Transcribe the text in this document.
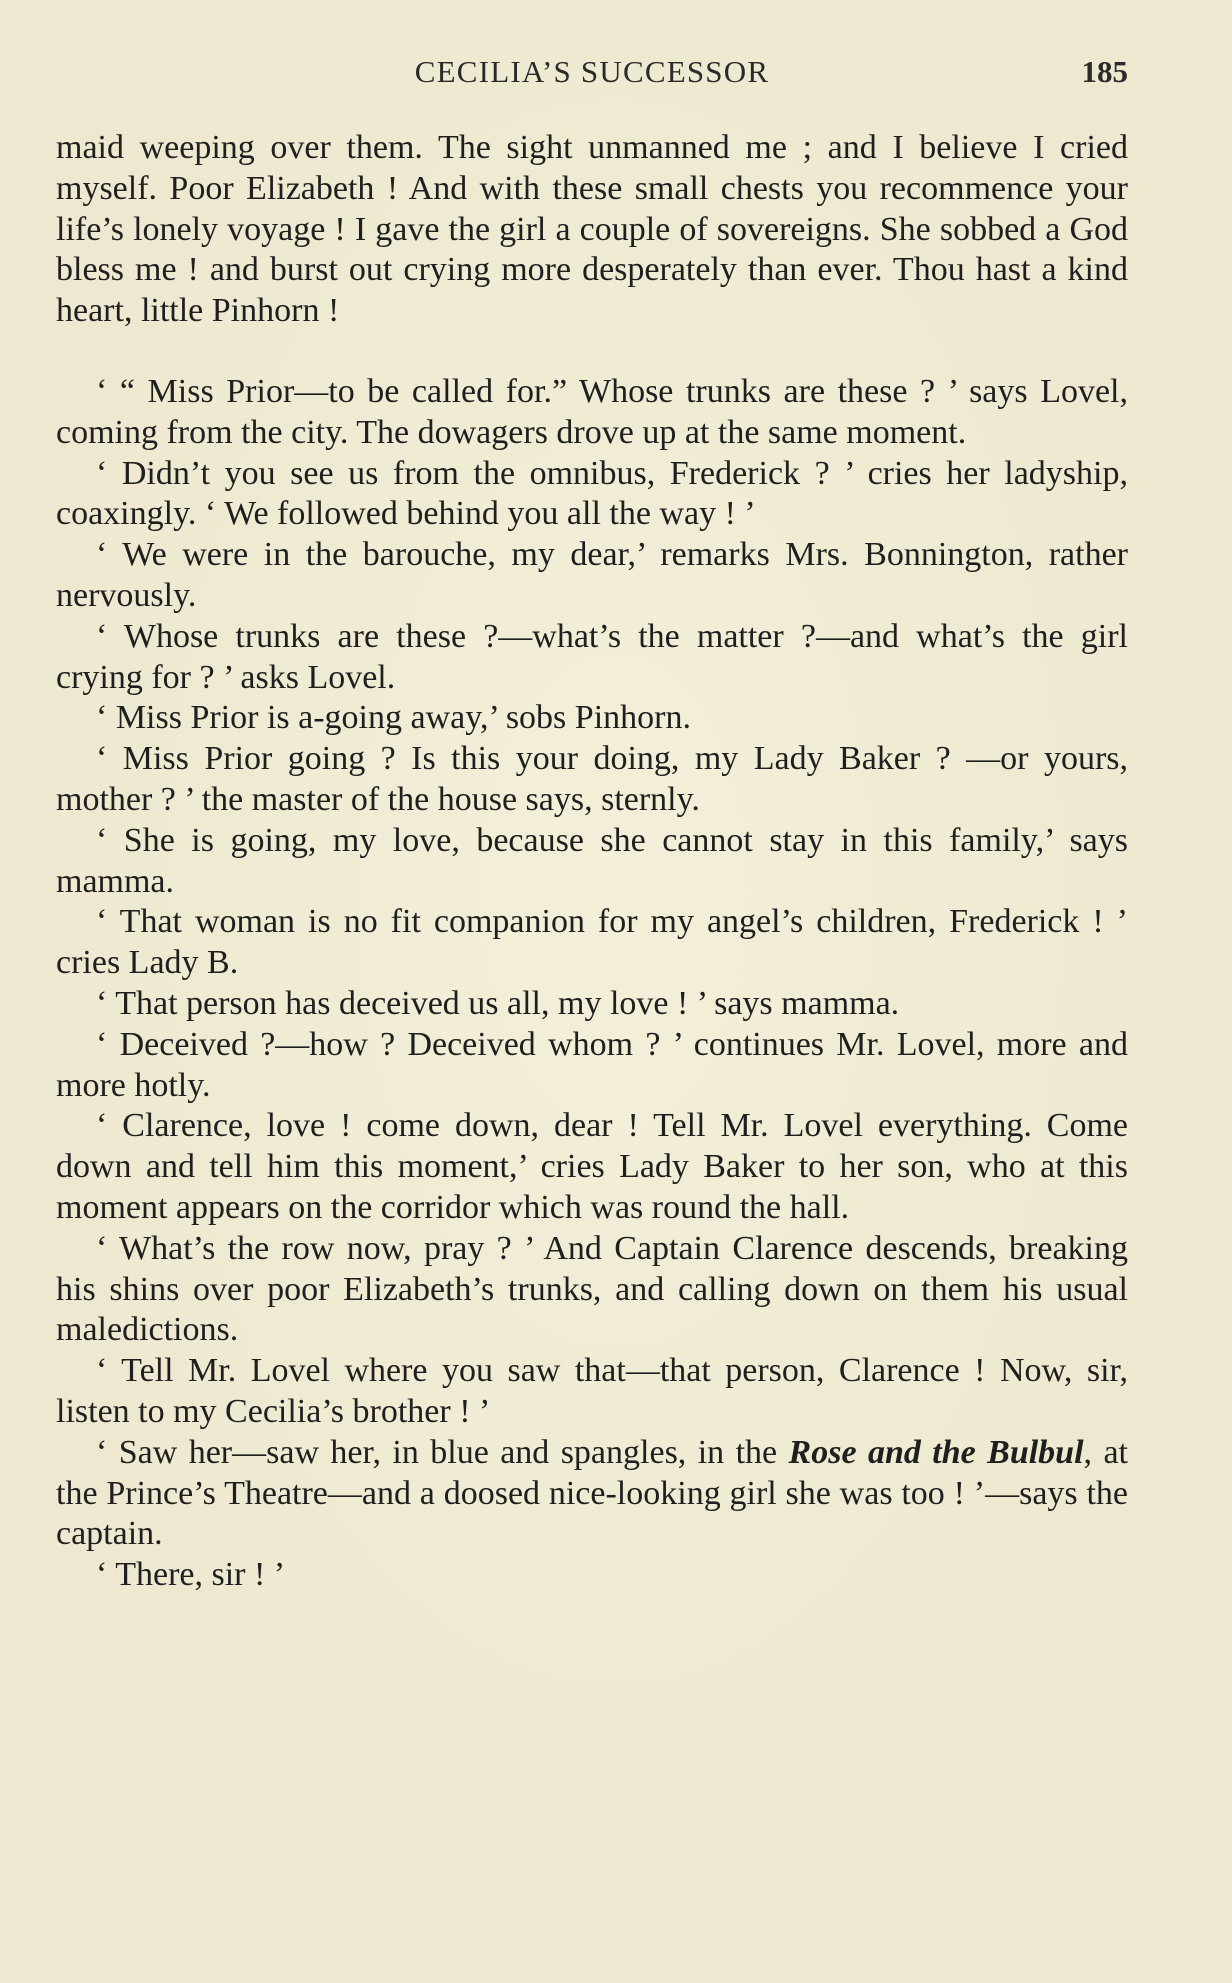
CECILIA’S SUCCESSOR	185

maid weeping over them. The sight unmanned me ; and I believe I cried myself. Poor Elizabeth ! And with these small chests you recommence your life’s lonely voyage ! I gave the girl a couple of sovereigns. She sobbed a God bless me ! and burst out crying more desperately than ever. Thou hast a kind heart, little Pinhorn !

‘ “ Miss Prior—to be called for.” Whose trunks are these ? ’ says Lovel, coming from the city. The dowagers drove up at the same moment.

‘ Didn’t you see us from the omnibus, Frederick ? ’ cries her ladyship, coaxingly. ‘ We followed behind you all the way ! ’

‘ We were in the barouche, my dear,’ remarks Mrs. Bonnington, rather nervously.

‘ Whose trunks are these ?—what’s the matter ?—and what’s the girl crying for ? ’ asks Lovel.

‘ Miss Prior is a-going away,’ sobs Pinhorn.

‘ Miss Prior going ? Is this your doing, my Lady Baker ? —or yours, mother ? ’ the master of the house says, sternly.

‘ She is going, my love, because she cannot stay in this family,’ says mamma.

‘ That woman is no fit companion for my angel’s children, Frederick ! ’ cries Lady B.

‘ That person has deceived us all, my love ! ’ says mamma.

‘ Deceived ?—how ? Deceived whom ? ’ continues Mr. Lovel, more and more hotly.

‘ Clarence, love ! come down, dear ! Tell Mr. Lovel everything. Come down and tell him this moment,’ cries Lady Baker to her son, who at this moment appears on the corridor which was round the hall.

‘ What’s the row now, pray ? ’ And Captain Clarence descends, breaking his shins over poor Elizabeth’s trunks, and calling down on them his usual maledictions.

‘ Tell Mr. Lovel where you saw that—that person, Clarence ! Now, sir, listen to my Cecilia’s brother ! ’

‘ Saw her—saw her, in blue and spangles, in the Rose and the Bulbul, at the Prince’s Theatre—and a doosed nice-looking girl she was too ! ’—says the captain.

‘ There, sir ! ’
